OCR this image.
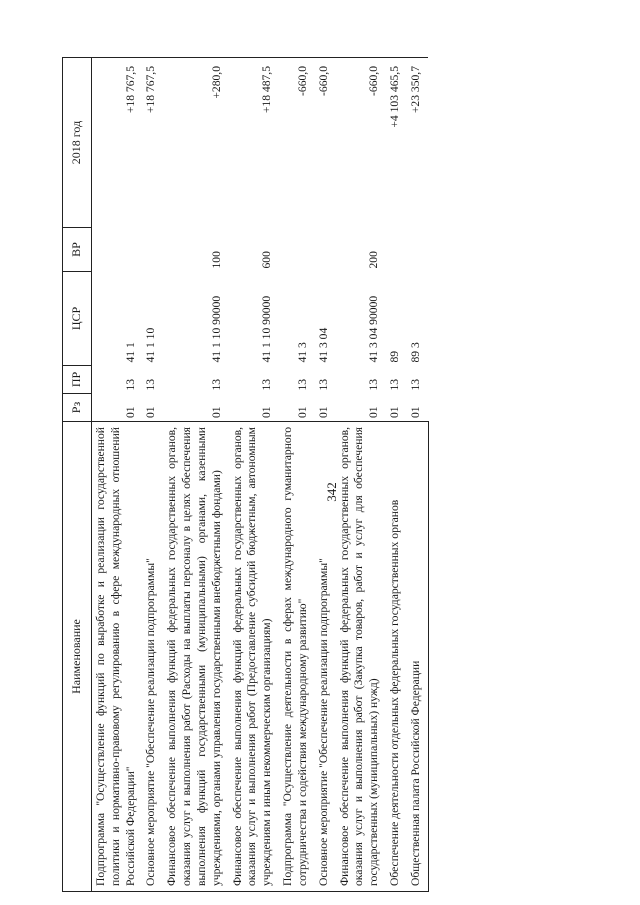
342
Наименование	Рз	ПР	ЦСР	ВР	2018 год
Подпрограмма "Осуществление функций по выработке и реализации государственной политики и нормативно-правовому регулированию в сфере международных отношений Российской Федерации"	01	13	41 1		+18 767,5
Основное мероприятие "Обеспечение реализации подпрограммы"	01	13	41 1 10		+18 767,5
Финансовое обеспечение выполнения функций федеральных государственных органов, оказания услуг и выполнения работ (Расходы на выплаты персоналу в целях обеспечения выполнения функций государственными (муниципальными) органами, казенными учреждениями, органами управления государственными внебюджетными фондами)	01	13	41 1 10 90000	100	+280,0
Финансовое обеспечение выполнения функций федеральных государственных органов, оказания услуг и выполнения работ (Предоставление субсидий бюджетным, автономным учреждениям и иным некоммерческим организациям)	01	13	41 1 10 90000	600	+18 487,5
Подпрограмма "Осуществление деятельности в сферах международного гуманитарного сотрудничества и содействия международному развитию"	01	13	41 3		-660,0
Основное мероприятие "Обеспечение реализации подпрограммы"	01	13	41 3 04		-660,0
Финансовое обеспечение выполнения функций федеральных государственных органов, оказания услуг и выполнения работ (Закупка товаров, работ и услуг для обеспечения государственных (муниципальных) нужд)	01	13	41 3 04 90000	200	-660,0
Обеспечение деятельности отдельных федеральных государственных органов	01	13	89		+4 103 465,5
Общественная палата Российской Федерации	01	13	89 3		+23 350,7
